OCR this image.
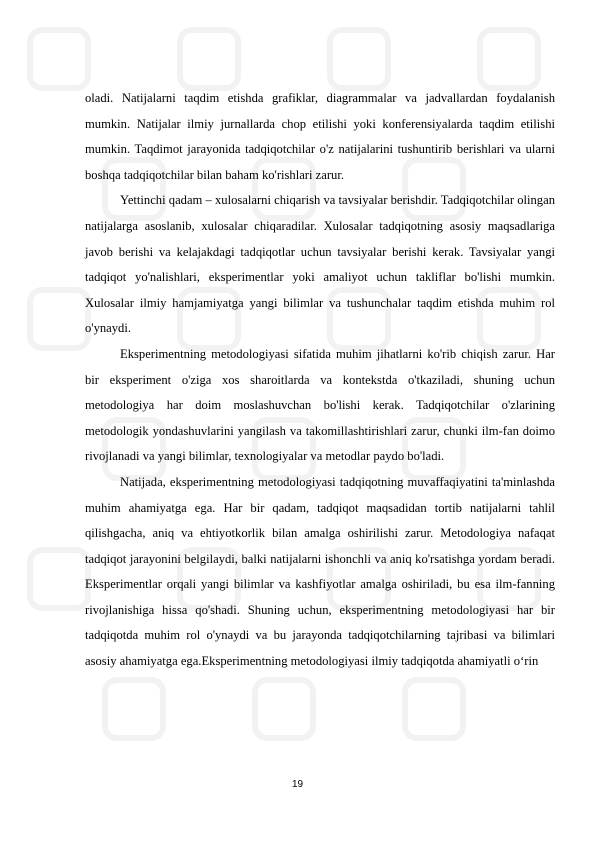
oladi. Natijalarni taqdim etishda grafiklar, diagrammalar va jadvallardan foydalanish mumkin. Natijalar ilmiy jurnallarda chop etilishi yoki konferensiyalarda taqdim etilishi mumkin. Taqdimot jarayonida tadqiqotchilar o'z natijalarini tushuntirib berishlari va ularni boshqa tadqiqotchilar bilan baham ko'rishlari zarur.

Yettinchi qadam – xulosalarni chiqarish va tavsiyalar berishdir. Tadqiqotchilar olingan natijalarga asoslanib, xulosalar chiqaradilar. Xulosalar tadqiqotning asosiy maqsadlariga javob berishi va kelajakdagi tadqiqotlar uchun tavsiyalar berishi kerak. Tavsiyalar yangi tadqiqot yo'nalishlari, eksperimentlar yoki amaliyot uchun takliflar bo'lishi mumkin. Xulosalar ilmiy hamjamiyatga yangi bilimlar va tushunchalar taqdim etishda muhim rol o'ynaydi.

Eksperimentning metodologiyasi sifatida muhim jihatlarni ko'rib chiqish zarur. Har bir eksperiment o'ziga xos sharoitlarda va kontekstda o'tkaziladi, shuning uchun metodologiya har doim moslashuvchan bo'lishi kerak. Tadqiqotchilar o'zlarining metodologik yondashuvlarini yangilash va takomillashtirishlari zarur, chunki ilm-fan doimo rivojlanadi va yangi bilimlar, texnologiyalar va metodlar paydo bo'ladi.

Natijada, eksperimentning metodologiyasi tadqiqotning muvaffaqiyatini ta'minlashda muhim ahamiyatga ega. Har bir qadam, tadqiqot maqsadidan tortib natijalarni tahlil qilishgacha, aniq va ehtiyotkorlik bilan amalga oshirilishi zarur. Metodologiya nafaqat tadqiqot jarayonini belgilaydi, balki natijalarni ishonchli va aniq ko'rsatishga yordam beradi. Eksperimentlar orqali yangi bilimlar va kashfiyotlar amalga oshiriladi, bu esa ilm-fanning rivojlanishiga hissa qo'shadi. Shuning uchun, eksperimentning metodologiyasi har bir tadqiqotda muhim rol o'ynaydi va bu jarayonda tadqiqotchilarning tajribasi va bilimlari asosiy ahamiyatga ega.Eksperimentning metodologiyasi ilmiy tadqiqotda ahamiyatli o‘rin

19
